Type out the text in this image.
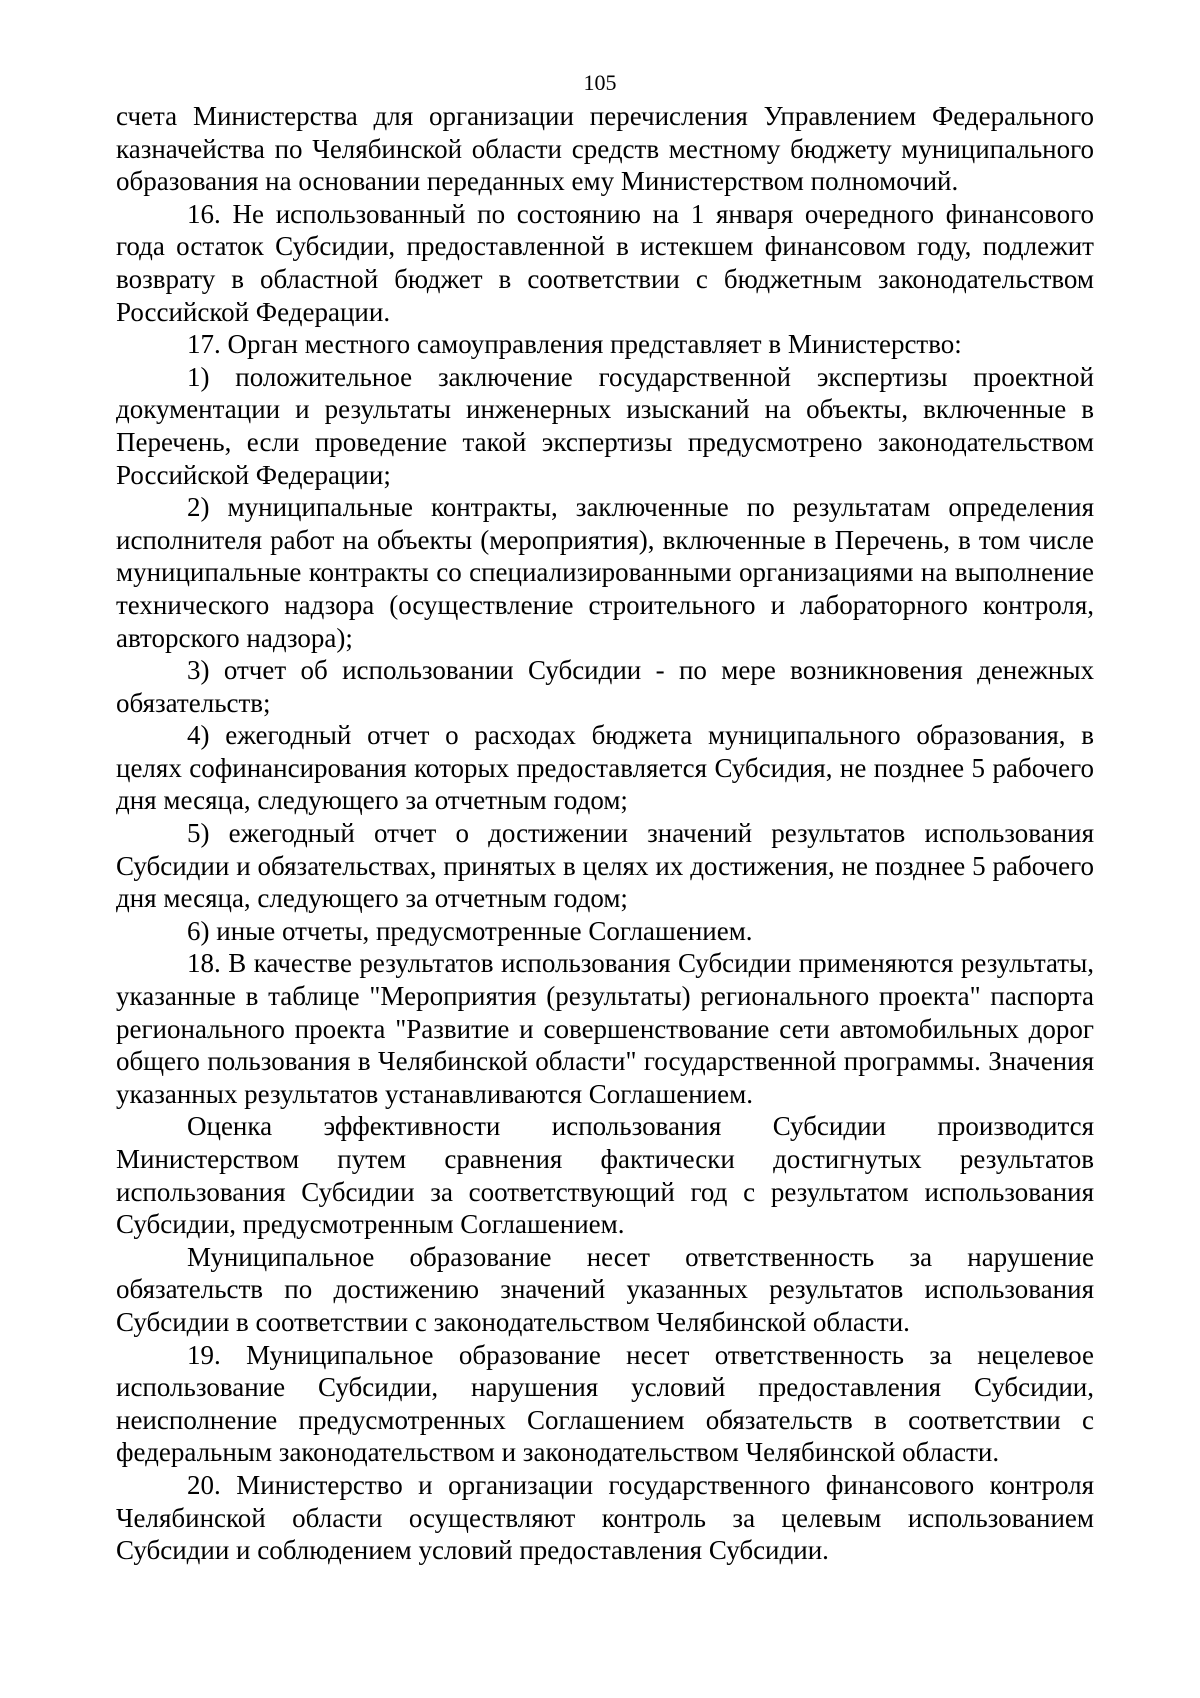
105

счета Министерства для организации перечисления Управлением Федерального казначейства по Челябинской области средств местному бюджету муниципального образования на основании переданных ему Министерством полномочий.

16. Не использованный по состоянию на 1 января очередного финансового года остаток Субсидии, предоставленной в истекшем финансовом году, подлежит возврату в областной бюджет в соответствии с бюджетным законодательством Российской Федерации.

17. Орган местного самоуправления представляет в Министерство:

1) положительное заключение государственной экспертизы проектной документации и результаты инженерных изысканий на объекты, включенные в Перечень, если проведение такой экспертизы предусмотрено законодательством Российской Федерации;

2) муниципальные контракты, заключенные по результатам определения исполнителя работ на объекты (мероприятия), включенные в Перечень, в том числе муниципальные контракты со специализированными организациями на выполнение технического надзора (осуществление строительного и лабораторного контроля, авторского надзора);

3) отчет об использовании Субсидии - по мере возникновения денежных обязательств;

4) ежегодный отчет о расходах бюджета муниципального образования, в целях софинансирования которых предоставляется Субсидия, не позднее 5 рабочего дня месяца, следующего за отчетным годом;

5) ежегодный отчет о достижении значений результатов использования Субсидии и обязательствах, принятых в целях их достижения, не позднее 5 рабочего дня месяца, следующего за отчетным годом;

6) иные отчеты, предусмотренные Соглашением.

18. В качестве результатов использования Субсидии применяются результаты, указанные в таблице "Мероприятия (результаты) регионального проекта" паспорта регионального проекта "Развитие и совершенствование сети автомобильных дорог общего пользования в Челябинской области" государственной программы. Значения указанных результатов устанавливаются Соглашением.

Оценка эффективности использования Субсидии производится Министерством путем сравнения фактически достигнутых результатов использования Субсидии за соответствующий год с результатом использования Субсидии, предусмотренным Соглашением.

Муниципальное образование несет ответственность за нарушение обязательств по достижению значений указанных результатов использования Субсидии в соответствии с законодательством Челябинской области.

19. Муниципальное образование несет ответственность за нецелевое использование Субсидии, нарушения условий предоставления Субсидии, неисполнение предусмотренных Соглашением обязательств в соответствии с федеральным законодательством и законодательством Челябинской области.

20. Министерство и организации государственного финансового контроля Челябинской области осуществляют контроль за целевым использованием Субсидии и соблюдением условий предоставления Субсидии.
